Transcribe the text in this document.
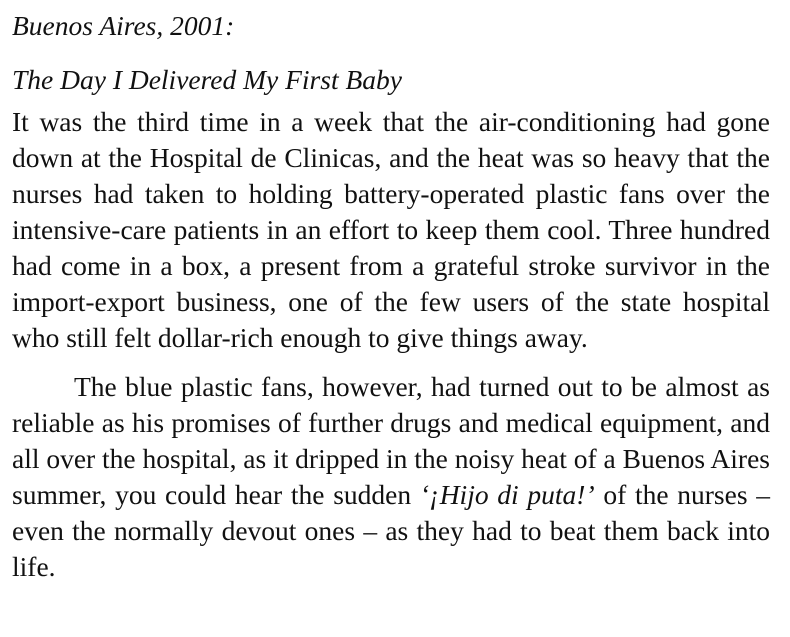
Buenos Aires, 2001:

The Day I Delivered My First Baby

It was the third time in a week that the air-conditioning had gone down at the Hospital de Clinicas, and the heat was so heavy that the nurses had taken to holding battery-operated plastic fans over the intensive-care patients in an effort to keep them cool. Three hundred had come in a box, a present from a grateful stroke survivor in the import-export business, one of the few users of the state hospital who still felt dollar-rich enough to give things away.

The blue plastic fans, however, had turned out to be almost as reliable as his promises of further drugs and medical equipment, and all over the hospital, as it dripped in the noisy heat of a Buenos Aires summer, you could hear the sudden ‘¡Hijo di puta!’ of the nurses – even the normally devout ones – as they had to beat them back into life.
